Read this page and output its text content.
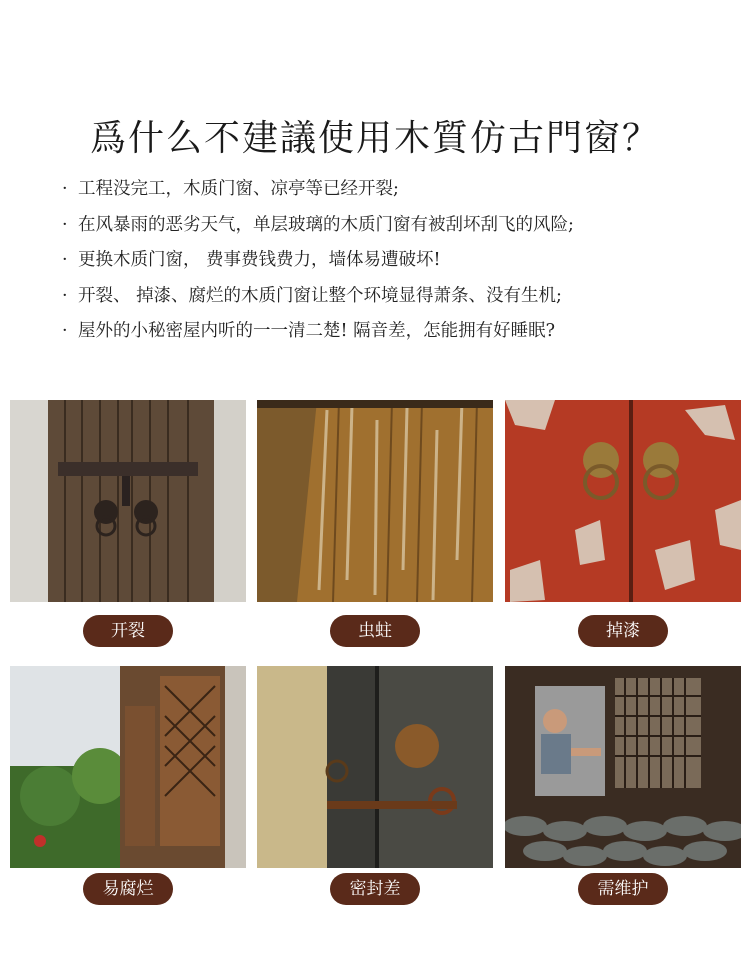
爲什么不建議使用木質仿古門窗？
· 工程没完工，木质门窗、凉亭等已经开裂;
· 在风暴雨的恶劣天气，单层玻璃的木质门窗有被刮坏刮飞的风险;
· 更换木质门窗， 费事费钱费力，墙体易遭破坏!
· 开裂、 掉漆、腐烂的木质门窗让整个环境显得萧条、没有生机;
· 屋外的小秘密屋内听的一一清二楚! 隔音差，怎能拥有好睡眠?
开裂	虫蛀	掉漆
易腐烂	密封差	需维护
